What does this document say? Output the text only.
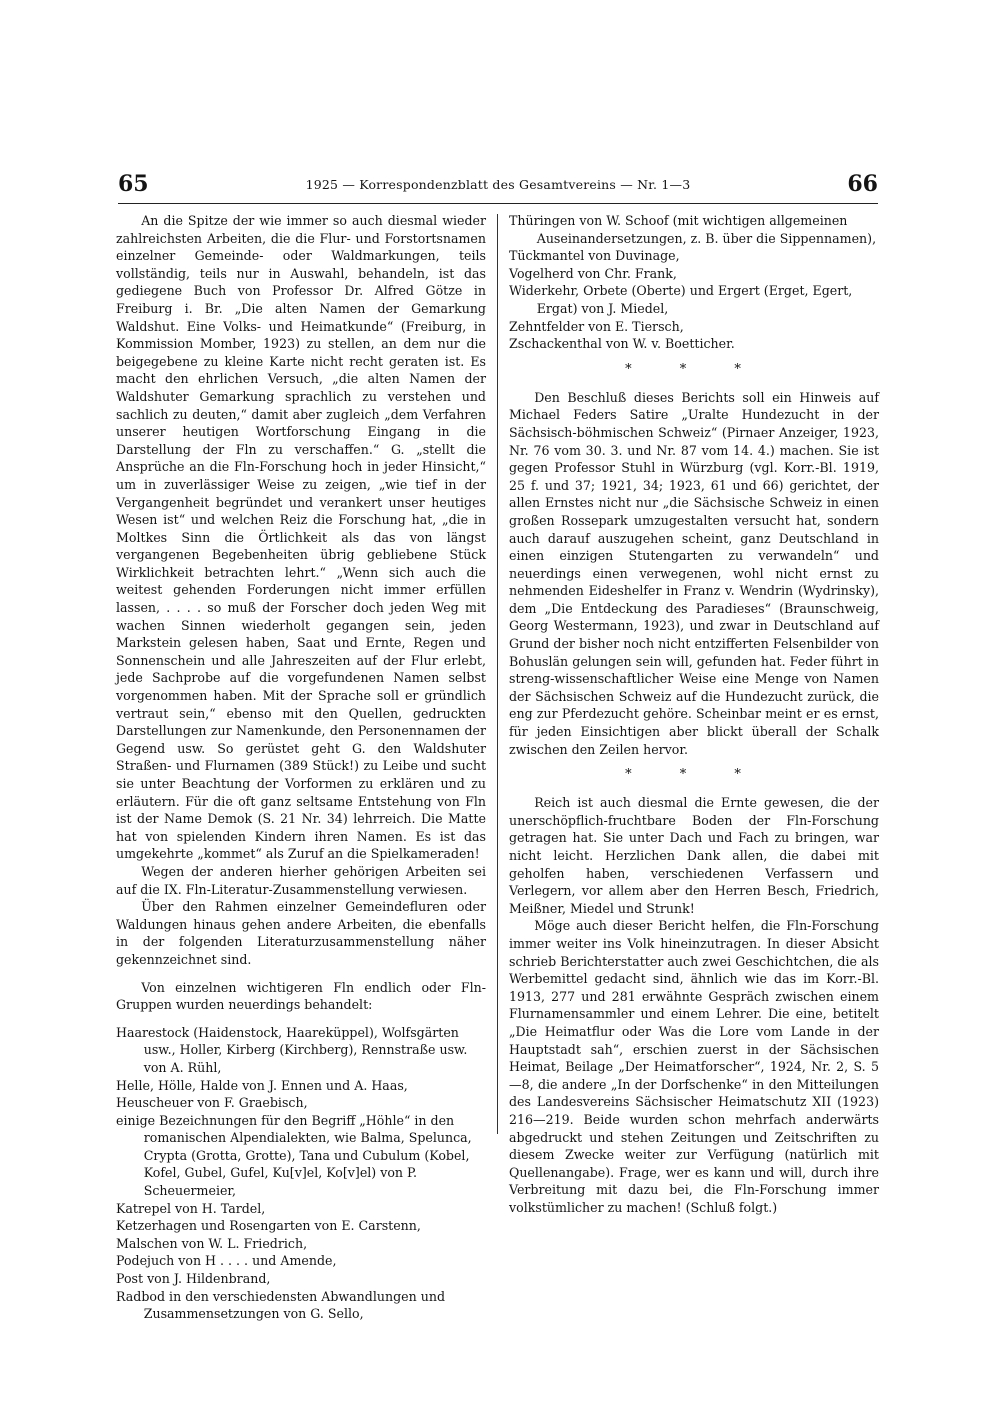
65	1925 — Korrespondenzblatt des Gesamtvereins — Nr. 1—3	66

An die Spitze der wie immer so auch diesmal wieder zahlreichsten Arbeiten, die die Flur- und Forstortsnamen einzelner Gemeinde- oder Waldmarkungen, teils vollständig, teils nur in Auswahl, behandeln, ist das gediegene Buch von Professor Dr. Alfred Götze in Freiburg i. Br. „Die alten Namen der Gemarkung Waldshut. Eine Volks- und Heimatkunde“ (Freiburg, in Kommission Momber, 1923) zu stellen, an dem nur die beigegebene zu kleine Karte nicht recht geraten ist. Es macht den ehrlichen Versuch, „die alten Namen der Waldshuter Gemarkung sprachlich zu verstehen und sachlich zu deuten,“ damit aber zugleich „dem Verfahren unserer heutigen Wortforschung Eingang in die Darstellung der Fln zu verschaffen.“ G. „stellt die Ansprüche an die Fln-Forschung hoch in jeder Hinsicht,“ um in zuverlässiger Weise zu zeigen, „wie tief in der Vergangenheit begründet und verankert unser heutiges Wesen ist“ und welchen Reiz die Forschung hat, „die in Moltkes Sinn die Örtlichkeit als das von längst vergangenen Begebenheiten übrig gebliebene Stück Wirklichkeit betrachten lehrt.“ „Wenn sich auch die weitest gehenden Forderungen nicht immer erfüllen lassen, . . . . so muß der Forscher doch jeden Weg mit wachen Sinnen wiederholt gegangen sein, jeden Markstein gelesen haben, Saat und Ernte, Regen und Sonnenschein und alle Jahreszeiten auf der Flur erlebt, jede Sachprobe auf die vorgefundenen Namen selbst vorgenommen haben. Mit der Sprache soll er gründlich vertraut sein,“ ebenso mit den Quellen, gedruckten Darstellungen zur Namenkunde, den Personennamen der Gegend usw. So gerüstet geht G. den Waldshuter Straßen- und Flurnamen (389 Stück!) zu Leibe und sucht sie unter Beachtung der Vorformen zu erklären und zu erläutern. Für die oft ganz seltsame Entstehung von Fln ist der Name Demok (S. 21 Nr. 34) lehrreich. Die Matte hat von spielenden Kindern ihren Namen. Es ist das umgekehrte „kommet“ als Zuruf an die Spielkameraden!

Wegen der anderen hierher gehörigen Arbeiten sei auf die IX. Fln-Literatur-Zusammenstellung verwiesen.

Über den Rahmen einzelner Gemeindefluren oder Waldungen hinaus gehen andere Arbeiten, die ebenfalls in der folgenden Literaturzusammenstellung näher gekennzeichnet sind.

Von einzelnen wichtigeren Fln endlich oder Fln-Gruppen wurden neuerdings behandelt:

Haarestock (Haidenstock, Haareküppel), Wolfsgärten usw., Holler, Kirberg (Kirchberg), Rennstraße usw. von A. Rühl,

Helle, Hölle, Halde von J. Ennen und A. Haas,

Heuscheuer von F. Graebisch,

einige Bezeichnungen für den Begriff „Höhle“ in den romanischen Alpendialekten, wie Balma, Spelunca, Crypta (Grotta, Grotte), Tana und Cubulum (Kobel, Kofel, Gubel, Gufel, Ku[v]el, Ko[v]el) von P. Scheuermeier,

Katrepel von H. Tardel,

Ketzerhagen und Rosengarten von E. Carstenn,

Malschen von W. L. Friedrich,

Podejuch von H . . . . und Amende,

Post von J. Hildenbrand,

Radbod in den verschiedensten Abwandlungen und Zusammensetzungen von G. Sello,

Thüringen von W. Schoof (mit wichtigen allgemeinen Auseinandersetzungen, z. B. über die Sippennamen),

Tückmantel von Duvinage,

Vogelherd von Chr. Frank,

Widerkehr, Orbete (Oberte) und Ergert (Erget, Egert, Ergat) von J. Miedel,

Zehntfelder von E. Tiersch,

Zschackenthal von W. v. Boetticher.

* * *

Den Beschluß dieses Berichts soll ein Hinweis auf Michael Feders Satire „Uralte Hundezucht in der Sächsisch-böhmischen Schweiz“ (Pirnaer Anzeiger, 1923, Nr. 76 vom 30. 3. und Nr. 87 vom 14. 4.) machen. Sie ist gegen Professor Stuhl in Würzburg (vgl. Korr.-Bl. 1919, 25 f. und 37; 1921, 34; 1923, 61 und 66) gerichtet, der allen Ernstes nicht nur „die Sächsische Schweiz in einen großen Rossepark umzugestalten versucht hat, sondern auch darauf auszugehen scheint, ganz Deutschland in einen einzigen Stutengarten zu verwandeln“ und neuerdings einen verwegenen, wohl nicht ernst zu nehmenden Eideshelfer in Franz v. Wendrin (Wydrinsky), dem „Die Entdeckung des Paradieses“ (Braunschweig, Georg Westermann, 1923), und zwar in Deutschland auf Grund der bisher noch nicht entzifferten Felsenbilder von Bohuslän gelungen sein will, gefunden hat. Feder führt in streng-wissenschaftlicher Weise eine Menge von Namen der Sächsischen Schweiz auf die Hundezucht zurück, die eng zur Pferdezucht gehöre. Scheinbar meint er es ernst, für jeden Einsichtigen aber blickt überall der Schalk zwischen den Zeilen hervor.

* * *

Reich ist auch diesmal die Ernte gewesen, die der unerschöpflich-fruchtbare Boden der Fln-Forschung getragen hat. Sie unter Dach und Fach zu bringen, war nicht leicht. Herzlichen Dank allen, die dabei mit geholfen haben, verschiedenen Verfassern und Verlegern, vor allem aber den Herren Besch, Friedrich, Meißner, Miedel und Strunk!

Möge auch dieser Bericht helfen, die Fln-Forschung immer weiter ins Volk hineinzutragen. In dieser Absicht schrieb Berichterstatter auch zwei Geschichtchen, die als Werbemittel gedacht sind, ähnlich wie das im Korr.-Bl. 1913, 277 und 281 erwähnte Gespräch zwischen einem Flurnamensammler und einem Lehrer. Die eine, betitelt „Die Heimatflur oder Was die Lore vom Lande in der Hauptstadt sah“, erschien zuerst in der Sächsischen Heimat, Beilage „Der Heimatforscher“, 1924, Nr. 2, S. 5—8, die andere „In der Dorfschenke“ in den Mitteilungen des Landesvereins Sächsischer Heimatschutz XII (1923) 216—219. Beide wurden schon mehrfach anderwärts abgedruckt und stehen Zeitungen und Zeitschriften zu diesem Zwecke weiter zur Verfügung (natürlich mit Quellenangabe). Frage, wer es kann und will, durch ihre Verbreitung mit dazu bei, die Fln-Forschung immer volkstümlicher zu machen! (Schluß folgt.)
